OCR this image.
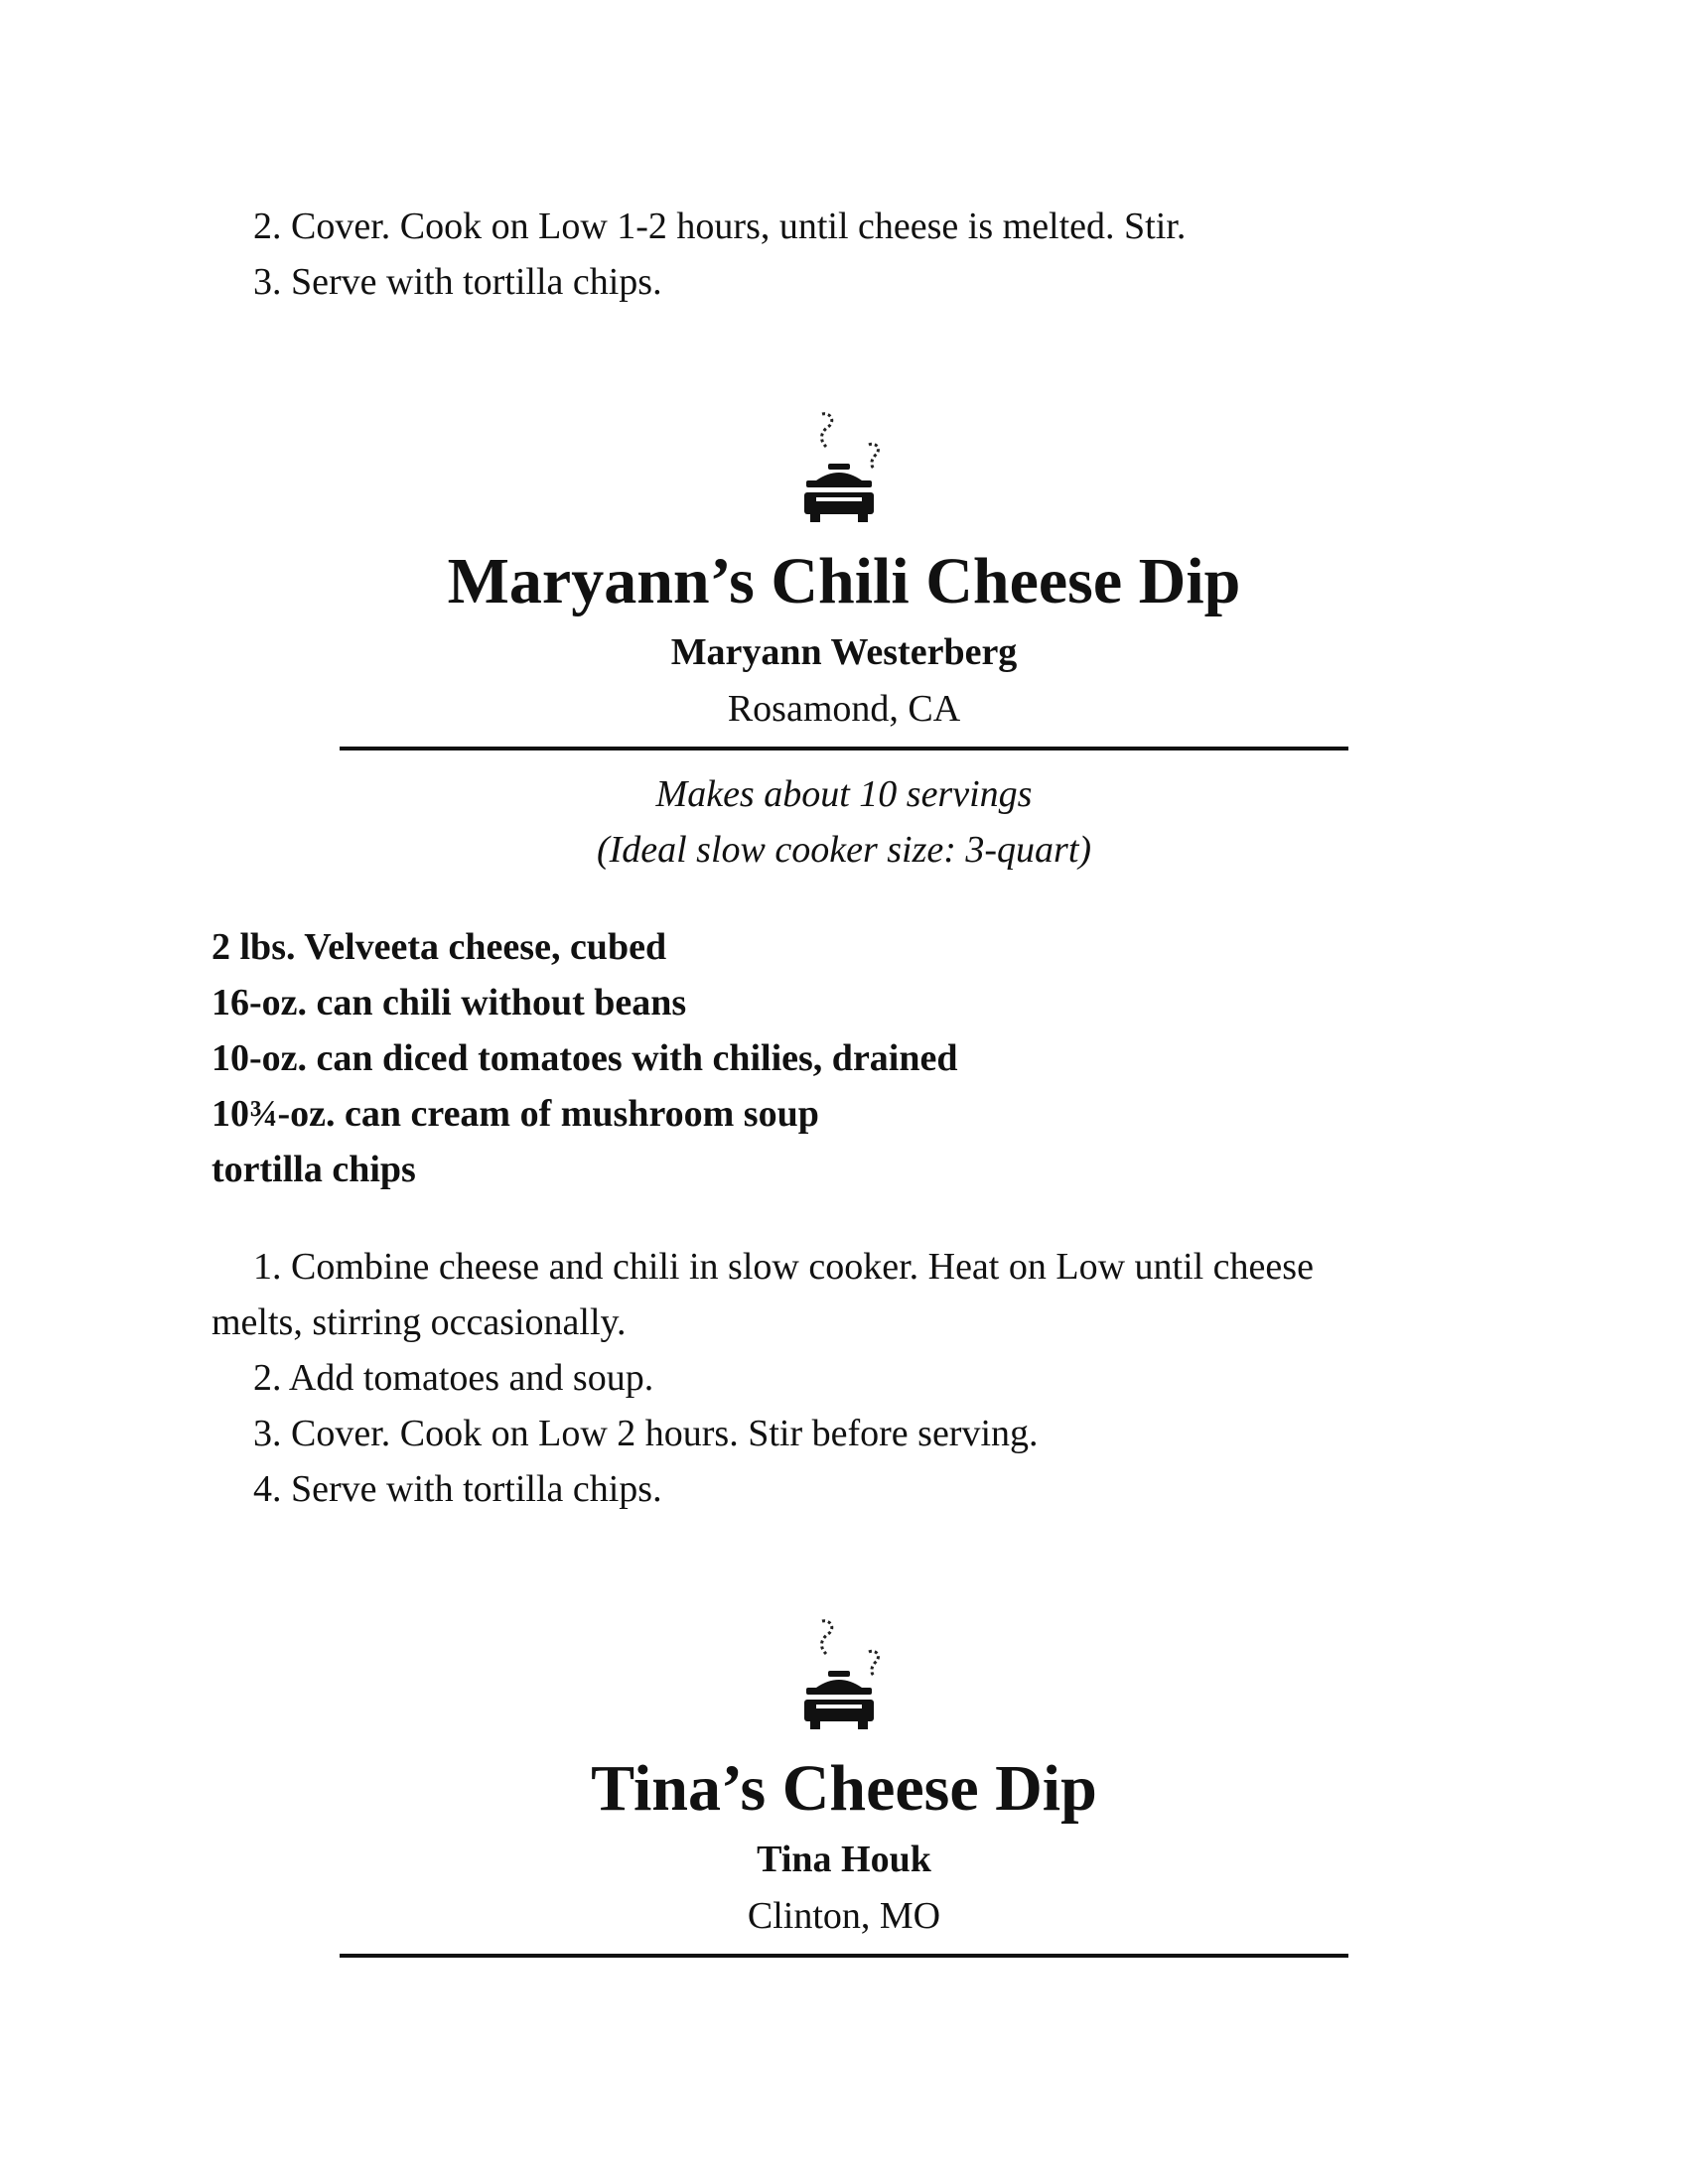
2. Cover. Cook on Low 1-2 hours, until cheese is melted. Stir.
3. Serve with tortilla chips.
Maryann’s Chili Cheese Dip
Maryann Westerberg
Rosamond, CA
Makes about 10 servings
(Ideal slow cooker size: 3-quart)
2 lbs. Velveeta cheese, cubed
16-oz. can chili without beans
10-oz. can diced tomatoes with chilies, drained
10¾-oz. can cream of mushroom soup
tortilla chips
1. Combine cheese and chili in slow cooker. Heat on Low until cheese
melts, stirring occasionally.
2. Add tomatoes and soup.
3. Cover. Cook on Low 2 hours. Stir before serving.
4. Serve with tortilla chips.
Tina’s Cheese Dip
Tina Houk
Clinton, MO
